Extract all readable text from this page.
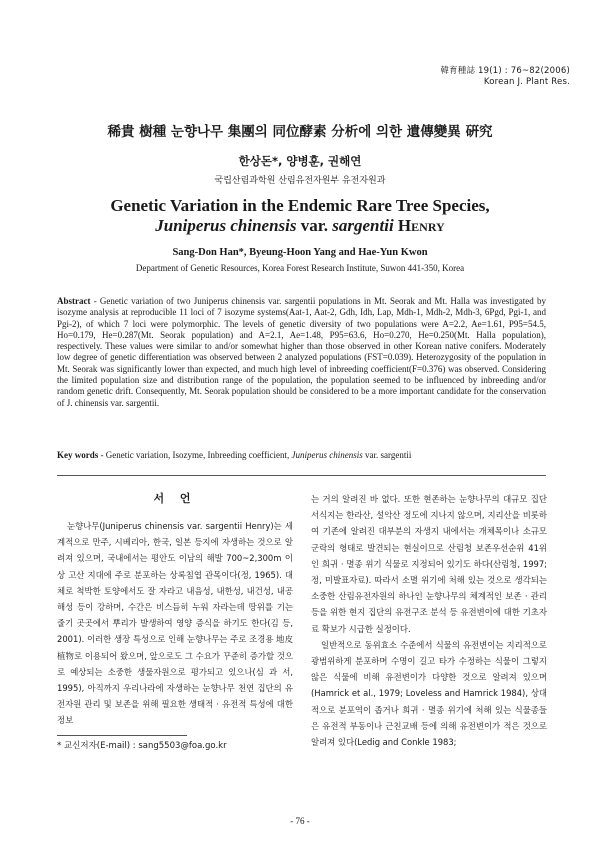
韓育種誌 19(1) : 76~82(2006)
Korean J. Plant Res.
稀貴 樹種 눈향나무 集團의 同位酵素 分析에 의한 遺傳變異 硏究
한상돈*, 양병훈, 권해연
국립산림과학원 산림유전자원부 유전자원과
Genetic Variation in the Endemic Rare Tree Species,
Juniperus chinensis var. sargentii Henry
Sang-Don Han*, Byeung-Hoon Yang and Hae-Yun Kwon
Department of Genetic Resources, Korea Forest Research Institute, Suwon 441-350, Korea
Abstract - Genetic variation of two Juniperus chinensis var. sargentii populations in Mt. Seorak and Mt. Halla was investigated by isozyme analysis at reproducible 11 loci of 7 isozyme systems(Aat-1, Aat-2, Gdh, Idh, Lap, Mdh-1, Mdh-2, Mdh-3, 6Pgd, Pgi-1, and Pgi-2), of which 7 loci were polymorphic. The levels of genetic diversity of two populations were A=2.2, Ae=1.61, P95=54.5, Ho=0.179, He=0.287(Mt. Seorak population) and A=2.1, Ae=1.48, P95=63.6, Ho=0.270, He=0.250(Mt. Halla population), respectively. These values were similar to and/or somewhat higher than those observed in other Korean native conifers. Moderately low degree of genetic differentiation was observed between 2 analyzed populations (FST=0.039). Heterozygosity of the population in Mt. Seorak was significantly lower than expected, and much high level of inbreeding coefficient(F=0.376) was observed. Considering the limited population size and distribution range of the population, the population seemed to be influenced by inbreeding and/or random genetic drift. Consequently, Mt. Seorak population should be considered to be a more important candidate for the conservation of J. chinensis var. sargentii.
Key words - Genetic variation, Isozyme, Inbreeding coefficient, Juniperus chinensis var. sargentii
서 언

눈향나무(Juniperus chinensis var. sargentii Henry)는 세계적으로 만주, 시베리아, 한국, 일본 등지에 자생하는 것으로 알려져 있으며, 국내에서는 평안도 이남의 해발 700~2,300m 이상 고산 지대에 주로 분포하는 상록침엽 관목이다(정, 1965). 대체로 척박한 토양에서도 잘 자라고 내음성, 내한성, 내건성, 내공해성 등이 강하며, 수간은 비스듬히 누워 자라는데 땅위를 기는 줄기 곳곳에서 뿌리가 발생하여 영양 증식을 하기도 한다(김 등, 2001). 이러한 생장 특성으로 인해 눈향나무는 주로 조경용 地皮植物로 이용되어 왔으며, 앞으로도 그 수요가 꾸준히 증가할 것으로 예상되는 소중한 생물자원으로 평가되고 있으나(심 과 서, 1995), 아직까지 우리나라에 자생하는 눈향나무 천연 집단의 유전자원 관리 및 보존을 위해 필요한 생태적 · 유전적 특성에 대한 정보

는 거의 알려진 바 없다. 또한 현존하는 눈향나무의 대규모 집단 서식지는 한라산, 설악산 정도에 지나지 않으며, 지리산을 비롯하여 기존에 알려진 대부분의 자생지 내에서는 개체목이나 소규모 군락의 형태로 발견되는 현실이므로 산림청 보존우선순위 41위인 희귀 · 멸종 위기 식물로 지정되어 있기도 하다(산림청, 1997; 정, 미발표자료). 따라서 소멸 위기에 처해 있는 것으로 생각되는 소중한 산림유전자원의 하나인 눈향나무의 체계적인 보존 · 관리 등을 위한 현지 집단의 유전구조 분석 등 유전변이에 대한 기초자료 확보가 시급한 실정이다.

일반적으로 동위효소 수준에서 식물의 유전변이는 지리적으로 광범위하게 분포하며 수명이 길고 타가 수정하는 식물이 그렇지 않은 식물에 비해 유전변이가 다양한 것으로 알려져 있으며(Hamrick et al., 1979; Loveless and Hamrick 1984), 상대적으로 분포역이 좁거나 희귀 · 멸종 위기에 처해 있는 식물종들은 유전적 부동이나 근친교배 등에 의해 유전변이가 적은 것으로 알려져 있다(Ledig and Conkle 1983;

* 교신저자(E-mail) : sang5503@foa.go.kr
- 76 -
